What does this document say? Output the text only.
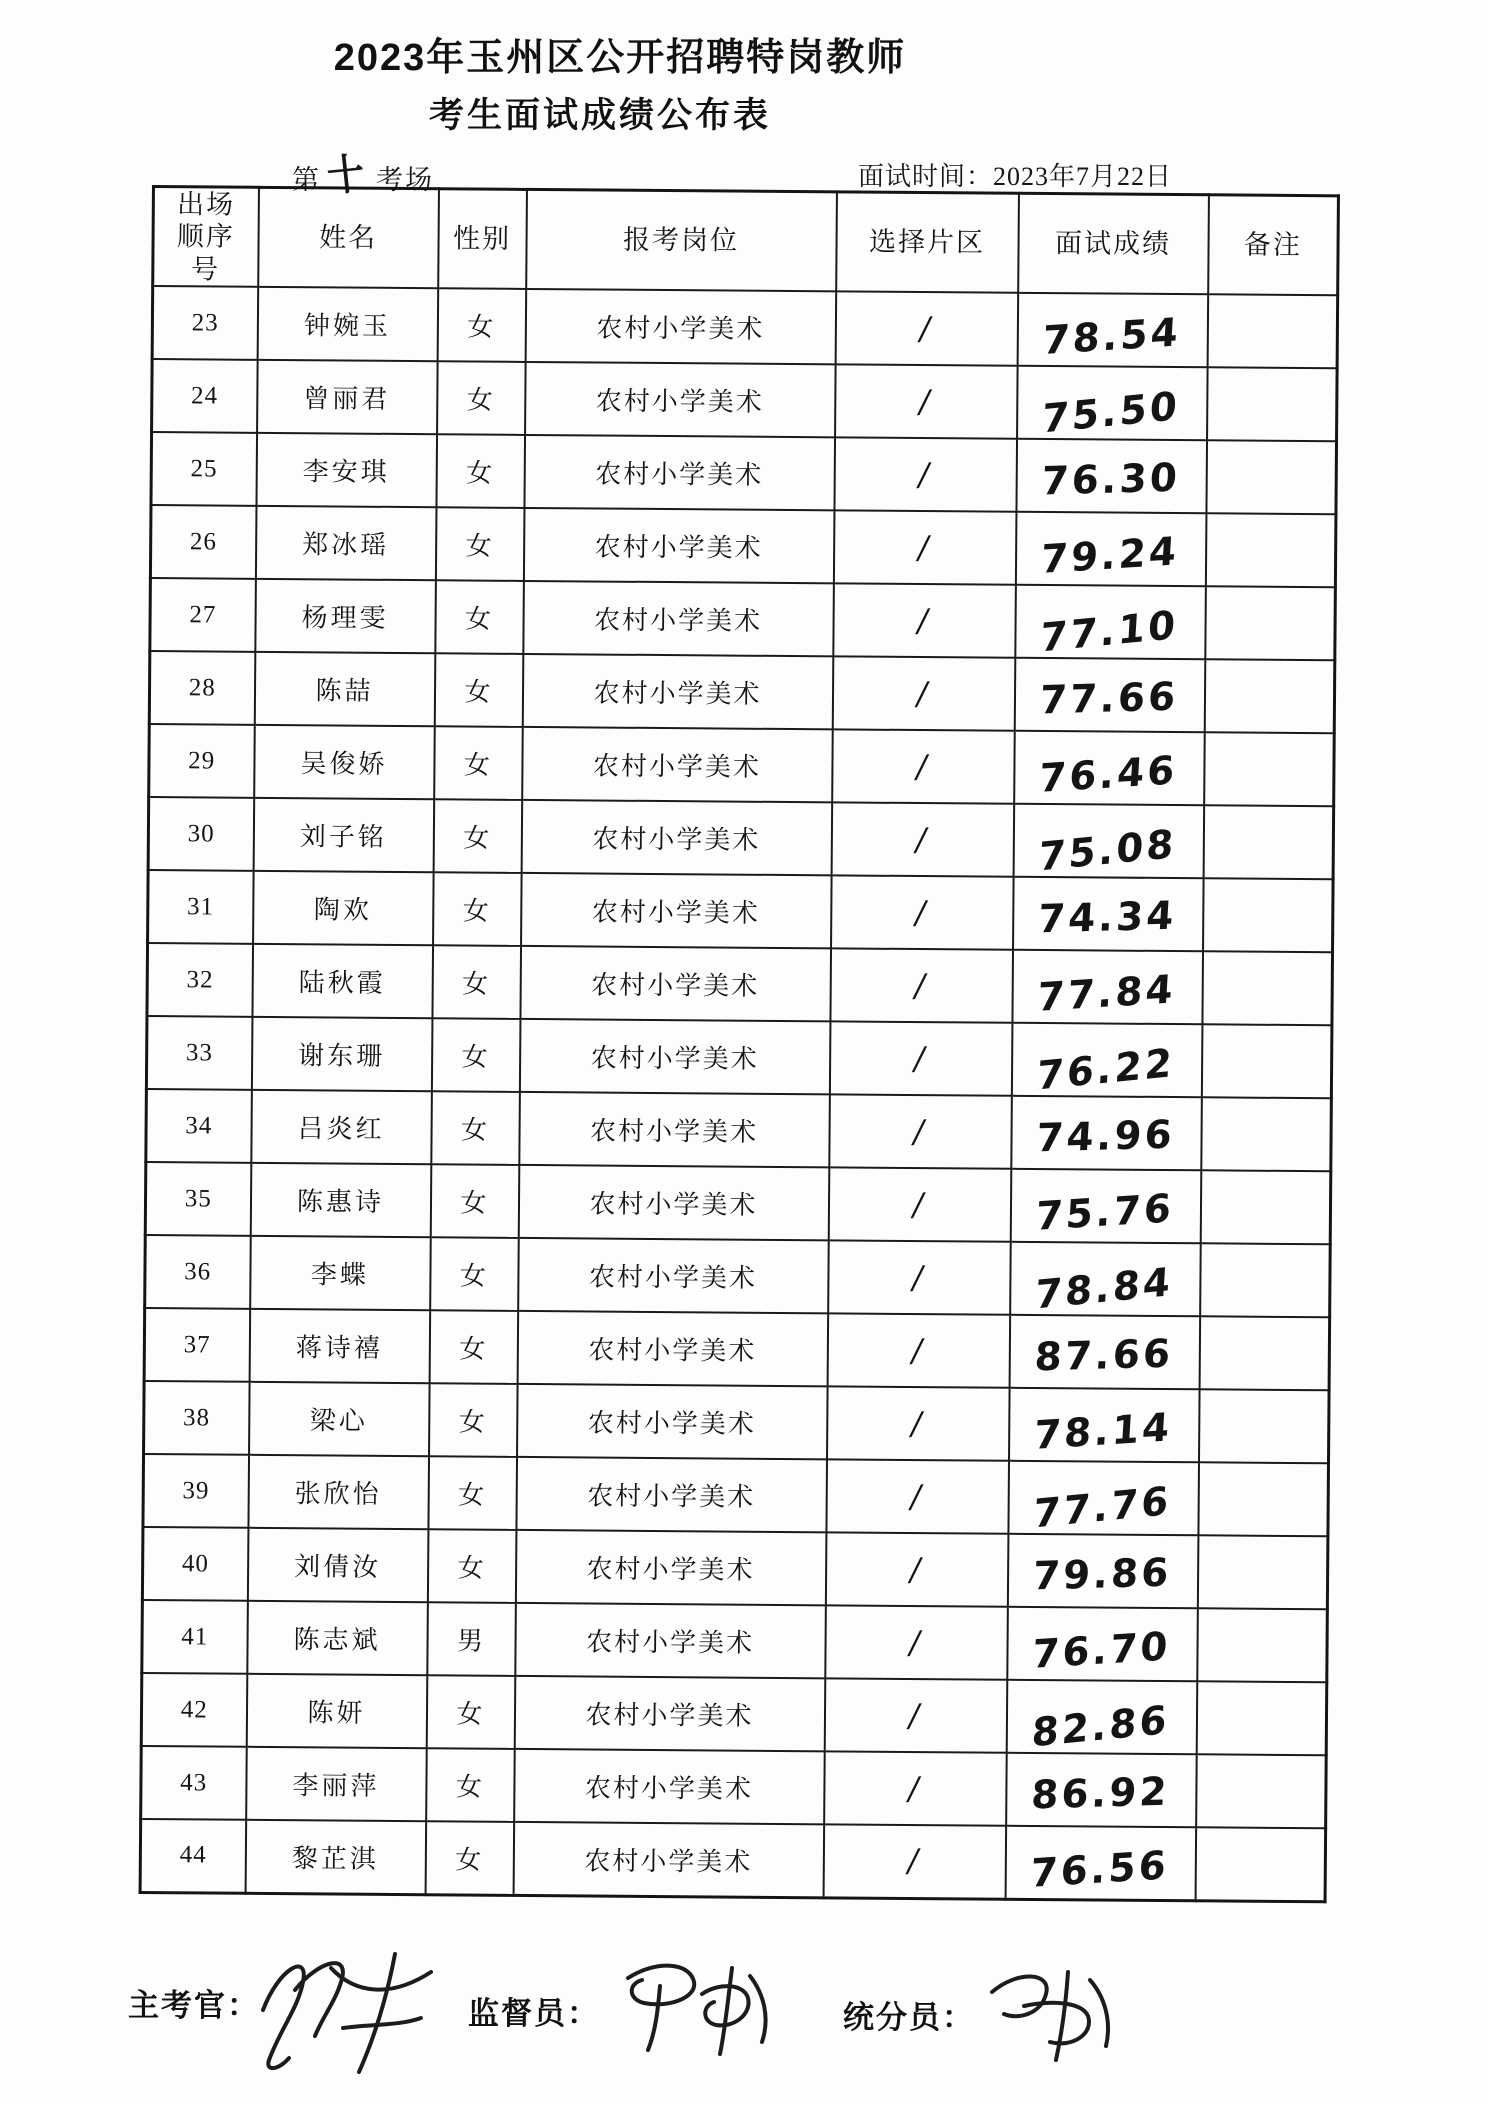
2023年玉州区公开招聘特岗教师
考生面试成绩公布表
第 十 考场	面试时间：2023年7月22日
出场顺序号	姓名	性别	报考岗位	选择片区	面试成绩	备注
23	钟婉玉	女	农村小学美术	/	78.54	
24	曾丽君	女	农村小学美术	/	75.50	
25	李安琪	女	农村小学美术	/	76.30	
26	郑冰瑶	女	农村小学美术	/	79.24	
27	杨理雯	女	农村小学美术	/	77.10	
28	陈喆	女	农村小学美术	/	77.66	
29	吴俊娇	女	农村小学美术	/	76.46	
30	刘子铭	女	农村小学美术	/	75.08	
31	陶欢	女	农村小学美术	/	74.34	
32	陆秋霞	女	农村小学美术	/	77.84	
33	谢东珊	女	农村小学美术	/	76.22	
34	吕炎红	女	农村小学美术	/	74.96	
35	陈惠诗	女	农村小学美术	/	75.76	
36	李蝶	女	农村小学美术	/	78.84	
37	蒋诗禧	女	农村小学美术	/	87.66	
38	梁心	女	农村小学美术	/	78.14	
39	张欣怡	女	农村小学美术	/	77.76	
40	刘倩汝	女	农村小学美术	/	79.86	
41	陈志斌	男	农村小学美术	/	76.70	
42	陈妍	女	农村小学美术	/	82.86	
43	李丽萍	女	农村小学美术	/	86.92	
44	黎芷淇	女	农村小学美术	/	76.56	
主考官：	监督员：	统分员：
